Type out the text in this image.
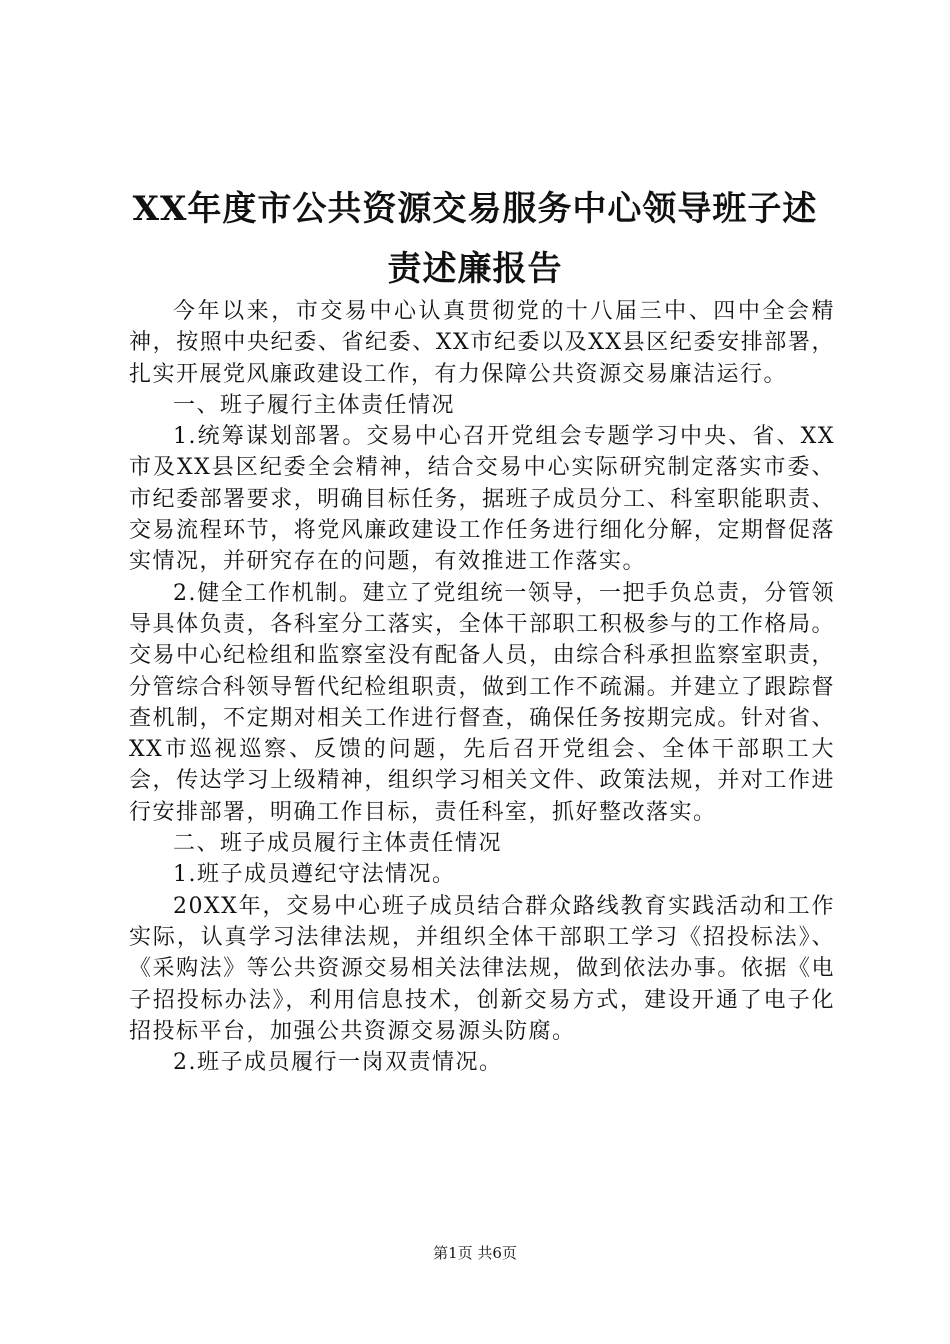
XX年度市公共资源交易服务中心领导班子述
责述廉报告

今年以来，市交易中心认真贯彻党的十八届三中、四中全会精神，按照中央纪委、省纪委、XX市纪委以及XX县区纪委安排部署，扎实开展党风廉政建设工作，有力保障公共资源交易廉洁运行。

一、班子履行主体责任情况

1.统筹谋划部署。交易中心召开党组会专题学习中央、省、XX市及XX县区纪委全会精神，结合交易中心实际研究制定落实市委、市纪委部署要求，明确目标任务，据班子成员分工、科室职能职责、交易流程环节，将党风廉政建设工作任务进行细化分解，定期督促落实情况，并研究存在的问题，有效推进工作落实。

2.健全工作机制。建立了党组统一领导，一把手负总责，分管领导具体负责，各科室分工落实，全体干部职工积极参与的工作格局。交易中心纪检组和监察室没有配备人员，由综合科承担监察室职责，分管综合科领导暂代纪检组职责，做到工作不疏漏。并建立了跟踪督查机制，不定期对相关工作进行督查，确保任务按期完成。针对省、XX市巡视巡察、反馈的问题，先后召开党组会、全体干部职工大会，传达学习上级精神，组织学习相关文件、政策法规，并对工作进行安排部署，明确工作目标，责任科室，抓好整改落实。

二、班子成员履行主体责任情况

1.班子成员遵纪守法情况。

20XX年，交易中心班子成员结合群众路线教育实践活动和工作实际，认真学习法律法规，并组织全体干部职工学习《招投标法》、《采购法》等公共资源交易相关法律法规，做到依法办事。依据《电子招投标办法》，利用信息技术，创新交易方式，建设开通了电子化招投标平台，加强公共资源交易源头防腐。

2.班子成员履行一岗双责情况。

第1页 共6页
